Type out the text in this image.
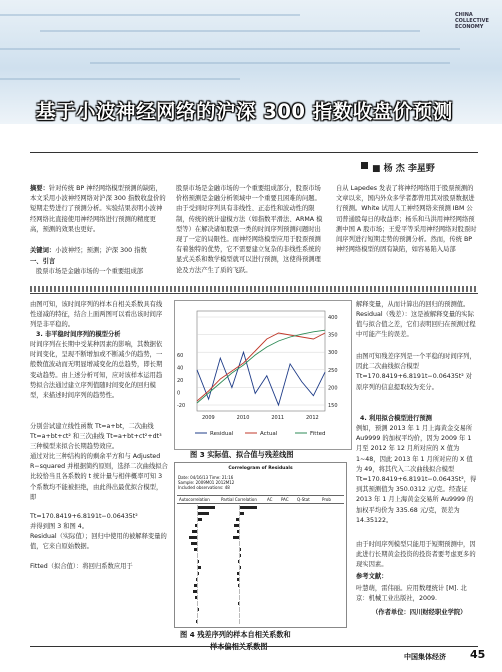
CHINA
COLLECTIVE
ECONOMY
基于小波神经网络的沪深 300 指数收盘价预测
■ 杨 杰 李星野
摘要：针对传统 BP 神经网络模型预测的缺陷，本文采用小波神经网络对沪深 300 指数收盘价的短期走势进行了预测分析。实验结果表明小波神经网络比直接使用神经网络进行预测的精度更高，预测的效果也更好。
关键词：小波神经；预测；沪深 300 指数
一、引言
股票市场是金融市场的一个重要组成部
股票市场是金融市场的一个重要组成部分，股票市场价格预测是金融分析领域中一个重要且困难的问题。由于受到时序列具有非线性、正态性和波动性的限制，传统的统计建模方法（如指数平滑法、ARMA 模型等）在解决诸如股票一类的时间序列预测问题时出现了一定的局限性。而神经网络模型应用于股票预测有着独特的优势，它不需要建立复杂的非线性系统的显式关系和数学模型就可以进行预测，这使得预测理论及方法产生了质的飞跃。
自从 Lapedes 发表了将神经网络用于股票预测的文章以来，国内外众多学者都曾用其对股票数据进行预测。White 试用人工神经网络来预测 IBM 公司普通股每日的收益率；杨乐和马洪用神经网络预测中国 A 股市场；王爱平等采用神经网络对股票时间序列进行短期走势的预测分析。然而，传统 BP 神经网络模型的固有缺陷，如容易陷入局部
由图可知，该时间序列的样本自相关系数具有线性递减的特征，结合上面两图可以看出该时间序列是非平稳的。
3. 非平稳时间序列的模型分析
时间序列在长期中受某种因素的影响，其数据依时间变化，呈现不断增加或不断减少的趋势，一般数值波动而无明显增减变化的总趋势，即长期变动趋势。由上述分析可知，应对该样本运用趋势拟合法通过建立序列值随时间变化的回归模型，来描述时间序列的趋势性。
分别尝试建立线性函数 Tt=a+bt，二次曲线 Tt=a+bt+ct² 和三次曲线 Tt=a+bt+ct²+dt³ 三种模型来拟合长期趋势效应。
通过对比三种结构的的剩余平方和与 Adjusted R−squared 并根据简约原则，选择二次曲线拟合比较恰当且各系数的 t 统计量与相伴概率可知 3 个系数均不能被拒绝，由此得出最优拟合模型，即
Tt=170.8419+6.8191t−0.06435t²
并得到图 3 和图 4。
Residual（实际值）；回归中使用的被解释变量的值，它来自原始数据。
Fitted（拟合值）：将回归系数应用于
400
350
300
250
200
150
60
40
20
0
-20
2009	2010	2011	2012
Residual	Actual	Fitted
图 3 实际值、拟合值与残差线图
Correlogram of Residuals
Date: 04/16/13 Time: 21:16
Sample: 2009M01 2012M12
Included observations: 48
Autocorrelation	Partial Correlation	AC PAC Q-Stat	Prob
图 4 残差序列的样本自相关系数和
解释变量，从而计算出的回归的预测值。
Residual（残差）：这是被解释变量的实际值与拟合值之差，它们表明回归在预测过程中可能产生的误差。
由图可知残差序列是一个平稳的时间序列，因此二次曲线拟合模型 Tt=170.8419+6.8191t−0.06435t² 对原序列的信息提取较为充分。
4. 利用拟合模型进行预测
例如，预测 2013 年 1 月上海黄金交易所 Au9999 的加权平均价，因为 2009 年 1 月至 2012 年 12 月所对应的 X 值为 1~48，因此 2013 年 1 月所对应的 X 值为 49，将其代入二次曲线拟合模型 Tt=170.8419+6.8191t−0.06435t²，得到其预测值为 350.0312 元/克。经查证 2013 年 1 月上海黄金交易所 Au9999 的加权平均价为 335.68 元/克，误差为 14.35122。
由于时间序列模型只能用于短期预测中，因此进行长期黄金投资的投资者要考虑更多的现实因素。
参考文献：
叶慧萌，雷伟丽。应用数理统计 [M]. 北京：机械工业出版社，2009.
（作者单位：四川财经职业学院）
中国集体经济 45
